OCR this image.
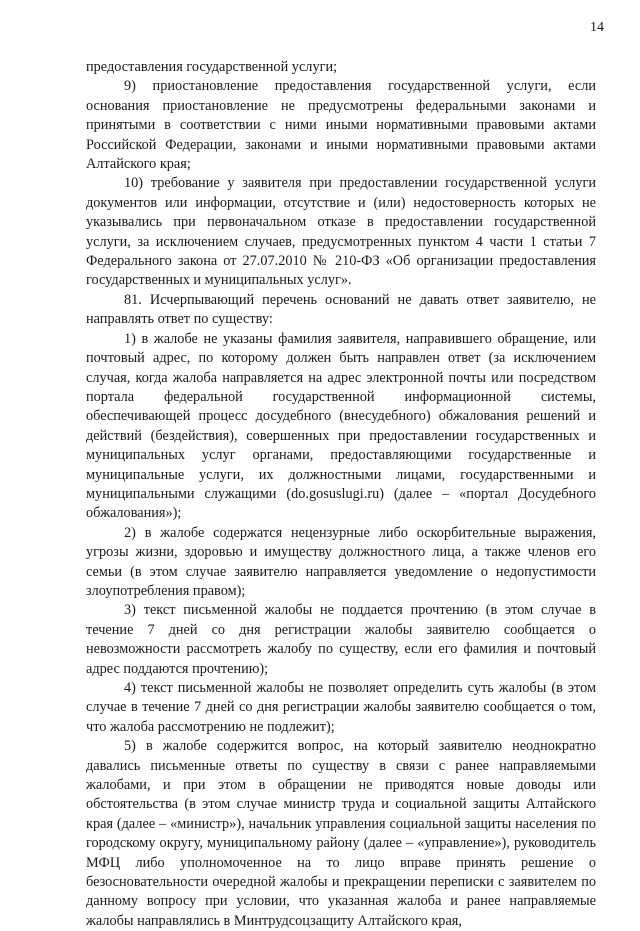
14

предоставления государственной услуги;

9) приостановление предоставления государственной услуги, если основания приостановление не предусмотрены федеральными законами и принятыми в соответствии с ними иными нормативными правовыми актами Российской Федерации, законами и иными нормативными правовыми актами Алтайского края;

10) требование у заявителя при предоставлении государственной услуги документов или информации, отсутствие и (или) недостоверность которых не указывались при первоначальном отказе в предоставлении государственной услуги, за исключением случаев, предусмотренных пунктом 4 части 1 статьи 7 Федерального закона от 27.07.2010 № 210-ФЗ «Об организации предоставления государственных и муниципальных услуг».

81. Исчерпывающий перечень оснований не давать ответ заявителю, не направлять ответ по существу:

1) в жалобе не указаны фамилия заявителя, направившего обращение, или почтовый адрес, по которому должен быть направлен ответ (за исключением случая, когда жалоба направляется на адрес электронной почты или посредством портала федеральной государственной информационной системы, обеспечивающей процесс досудебного (внесудебного) обжалования решений и действий (бездействия), совершенных при предоставлении государственных и муниципальных услуг органами, предоставляющими государственные и муниципальные услуги, их должностными лицами, государственными и муниципальными служащими (do.gosuslugi.ru) (далее – «портал Досудебного обжалования»);

2) в жалобе содержатся нецензурные либо оскорбительные выражения, угрозы жизни, здоровью и имуществу должностного лица, а также членов его семьи (в этом случае заявителю направляется уведомление о недопустимости злоупотребления правом);

3) текст письменной жалобы не поддается прочтению (в этом случае в течение 7 дней со дня регистрации жалобы заявителю сообщается о невозможности рассмотреть жалобу по существу, если его фамилия и почтовый адрес поддаются прочтению);

4) текст письменной жалобы не позволяет определить суть жалобы (в этом случае в течение 7 дней со дня регистрации жалобы заявителю сообщается о том, что жалоба рассмотрению не подлежит);

5) в жалобе содержится вопрос, на который заявителю неоднократно давались письменные ответы по существу в связи с ранее направляемыми жалобами, и при этом в обращении не приводятся новые доводы или обстоятельства (в этом случае министр труда и социальной защиты Алтайского края (далее – «министр»), начальник управления социальной защиты населения по городскому округу, муниципальному району (далее – «управление»), руководитель МФЦ либо уполномоченное на то лицо вправе принять решение о безосновательности очередной жалобы и прекращении переписки с заявителем по данному вопросу при условии, что указанная жалоба и ранее направляемые жалобы направлялись в Минтрудсоцзащиту Алтайского края,
